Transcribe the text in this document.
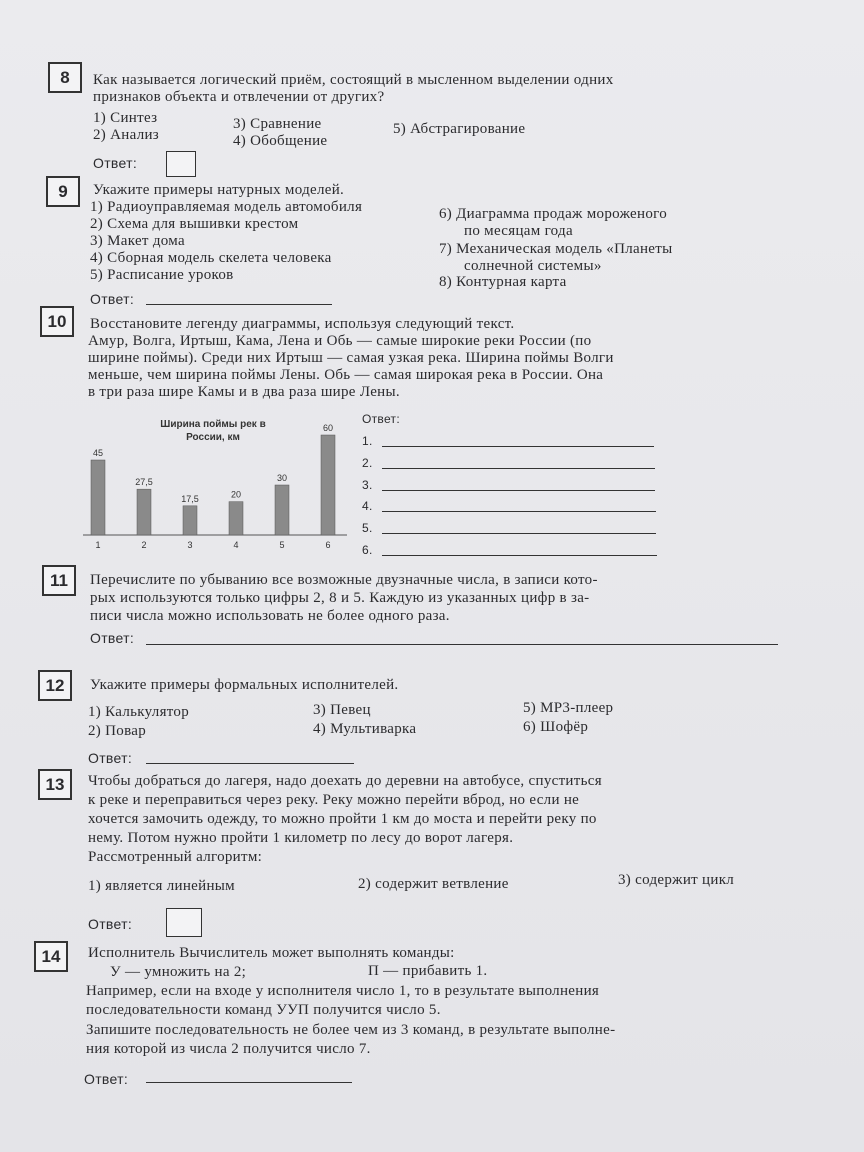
8	Как называется логический приём, состоящий в мысленном выделении одних
признаков объекта и отвлечении от других?
1) Синтез
2) Анализ
3) Сравнение
4) Обобщение
5) Абстрагирование
Ответ:
9	Укажите примеры натурных моделей.
1) Радиоуправляемая модель автомобиля
2) Схема для вышивки крестом
3) Макет дома
4) Сборная модель скелета человека
5) Расписание уроков
6) Диаграмма продаж мороженого
по месяцам года
7) Механическая модель «Планеты
солнечной системы»
8) Контурная карта
Ответ:
10	Восстановите легенду диаграммы, используя следующий текст.
Амур, Волга, Иртыш, Кама, Лена и Обь — самые широкие реки России (по
ширине поймы). Среди них Иртыш — самая узкая река. Ширина поймы Волги
меньше, чем ширина поймы Лены. Обь — самая широкая река в России. Она
в три раза шире Камы и в два раза шире Лены.
Ширина поймы рек в
России, км
45
1
27,5
2
17,5
3
20
4
30
5
60
6
Ответ:
1.
2.
3.
4.
5.
6.
11	Перечислите по убыванию все возможные двузначные числа, в записи кото-
рых используются только цифры 2, 8 и 5. Каждую из указанных цифр в за-
писи числа можно использовать не более одного раза.
Ответ:
12	Укажите примеры формальных исполнителей.
1) Калькулятор
2) Повар
3) Певец
4) Мультиварка
5) MP3-плеер
6) Шофёр
Ответ:
13	Чтобы добраться до лагеря, надо доехать до деревни на автобусе, спуститься
к реке и переправиться через реку. Реку можно перейти вброд, но если не
хочется замочить одежду, то можно пройти 1 км до моста и перейти реку по
нему. Потом нужно пройти 1 километр по лесу до ворот лагеря.
Рассмотренный алгоритм:
1) является линейным	2) содержит ветвление	3) содержит цикл
Ответ:
14	Исполнитель Вычислитель может выполнять команды:
У — умножить на 2;	П — прибавить 1.
Например, если на входе у исполнителя число 1, то в результате выполнения
последовательности команд УУП получится число 5.
Запишите последовательность не более чем из 3 команд, в результате выполне-
ния которой из числа 2 получится число 7.
Ответ:
